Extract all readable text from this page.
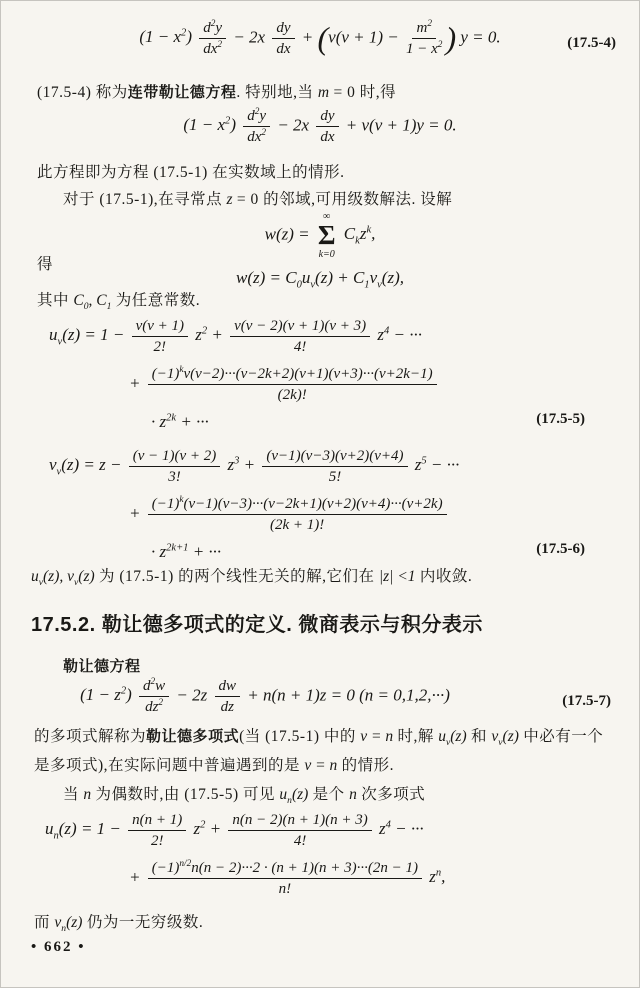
$(1 - x^2) \frac{d^2y}{dx^2} - 2x \frac{dy}{dx} + (\nu(\nu + 1) - \frac{m^2}{1 - x^2}$ ) y = 0.	(17.5-4)
(17.5-4) 称为连带勒让德方程. 特别地,当 m = 0 时,得
$(1 - x^2) \frac{d^2y}{dx^2} - 2x \frac{dy}{dx} + \nu(\nu + 1)y = 0$.
此方程即为方程 (17.5-1) 在实数域上的情形.
对于 (17.5-1),在寻常点 z = 0 的邻域,可用级数解法. 设解
w(z) =
∞
Σ
k=0
$C_kz^k$,
得
$w(z) = C_0u_\nu(z) + C_1v_\nu(z)$,
其中 $C_0$, $C_1$ 为任意常数.
$u_\nu(z) = 1 - \frac{\nu(\nu + 1)}{2!} z^2 + \frac{\nu(\nu - 2)(\nu + 1)(\nu + 3)}{4!} z^4$ − ···
+ $\frac{(-1)^k\nu(\nu-2)\cdot\cdot\cdot(\nu-2k+2)(\nu+1)(\nu+3)\cdot\cdot\cdot(\nu+2k-1)}{(2k)!}$
· $z^{2k}$ + ···	(17.5-5)
$v_\nu(z) = z - \frac{(\nu - 1)(\nu + 2)}{3!} z^3 + \frac{(\nu-1)(\nu-3)(\nu+2)(\nu+4)}{5!} z^5$ − ···
+ $\frac{(-1)^k(\nu-1)(\nu-3)\cdot\cdot\cdot(\nu-2k+1)(\nu+2)(\nu+4)\cdot\cdot\cdot(\nu+2k)}{(2k + 1)!}$
· $z^{2k+1}$ + ···	(17.5-6)
$u_\nu(z)$, $v_\nu(z)$ 为 (17.5-1) 的两个线性无关的解,它们在 |z| <1 内收敛.
17.5.2. 勒让德多项式的定义. 微商表示与积分表示
勒让德方程
$(1 - z^2) \frac{d^2w}{dz^2} - 2z \frac{dw}{dz} + n(n + 1)z = 0$ (n = 0,1,2,···)	(17.5-7)
的多项式解称为勒让德多项式(当 (17.5-1) 中的 ν = n 时,解 $u_\nu(z)$ 和 $v_\nu(z)$ 中必有一个是多项式),在实际问题中普遍遇到的是 ν = n 的情形.
当 n 为偶数时,由 (17.5-5) 可见 $u_n(z)$ 是个 n 次多项式
$u_n(z) = 1 - \frac{n(n + 1)}{2!} z^2 + \frac{n(n - 2)(n + 1)(n + 3)}{4!} z^4$ − ···
+ $\frac{(-1)^{n/2}n(n - 2)\cdot\cdot\cdot 2 \cdot (n + 1)(n + 3)\cdot\cdot\cdot(2n - 1)}{n!} z^n$,
而 $v_n(z)$ 仍为一无穷级数.
• 662 •
